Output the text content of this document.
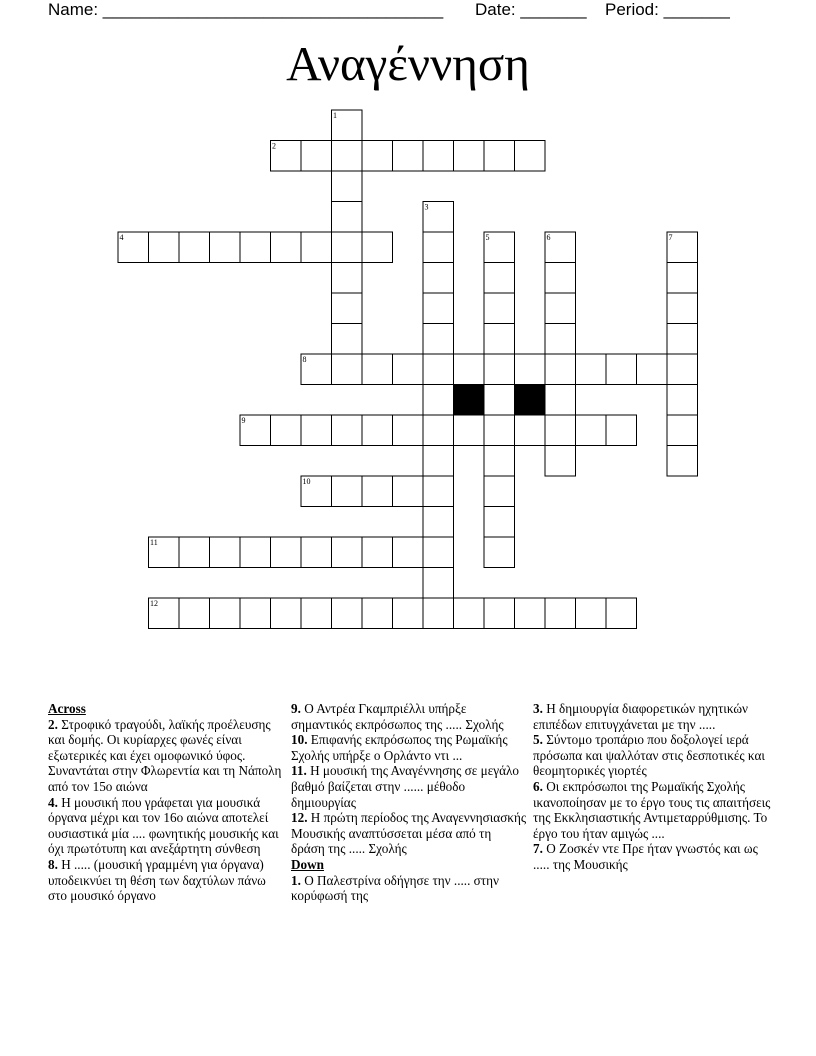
Name: ____________________________________ Date: _______ Period: _______
Αναγέννηση
1
2
3
4	5	6	7
8
9
10
11
12

Across

2. Στροφικό τραγούδι, λαϊκής προέλευσης και δομής. Οι κυρίαρχες φωνές είναι εξωτερικές και έχει ομοφωνικό ύφος. Συναντάται στην Φλωρεντία και τη Νάπολη από τον 15ο αιώνα

4. Η μουσική που γράφεται για μουσικά όργανα μέχρι και τον 16ο αιώνα αποτελεί ουσιαστικά μία .... φωνητικής μουσικής και όχι πρωτότυπη και ανεξάρτητη σύνθεση

8. Η ..... (μουσική γραμμένη για όργανα) υποδεικνύει τη θέση των δαχτύλων πάνω στο μουσικό όργανο

9. Ο Αντρέα Γκαμπριέλλι υπήρξε σημαντικός εκπρόσωπος της ..... Σχολής

10. Επιφανής εκπρόσωπος της Ρωμαϊκής Σχολής υπήρξε ο Ορλάντο ντι ...

11. Η μουσική της Αναγέννησης σε μεγάλο βαθμό βαίζεται στην ...... μέθοδο δημιουργίας

12. Η πρώτη περίοδος της Αναγεννησιασκής Μουσικής αναπτύσσεται μέσα από τη δράση της ..... Σχολής

Down

1. Ο Παλεστρίνα οδήγησε την ..... στην κορύφωσή της

3. Η δημιουργία διαφορετικών ηχητικών επιπέδων επιτυγχάνεται με την .....

5. Σύντομο τροπάριο που δοξολογεί ιερά πρόσωπα και ψαλλόταν στις δεσποτικές και θεομητορικές γιορτές

6. Οι εκπρόσωποι της Ρωμαϊκής Σχολής ικανοποίησαν με το έργο τους τις απαιτήσεις της Εκκλησιαστικής Αντιμεταρρύθμισης. Το έργο του ήταν αμιγώς ....

7. Ο Ζοσκέν ντε Πρε ήταν γνωστός και ως ..... της Μουσικής
